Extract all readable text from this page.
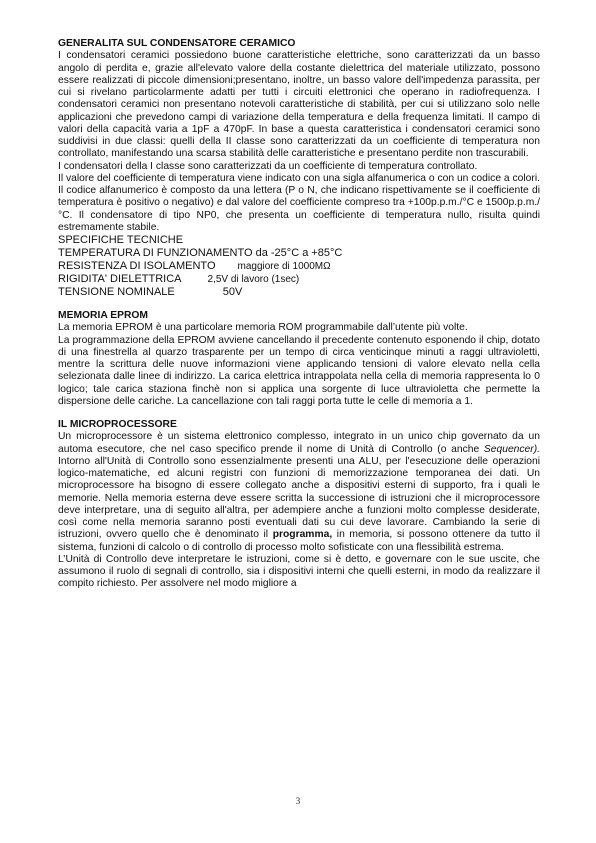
GENERALITA SUL CONDENSATORE CERAMICO
I condensatori ceramici possiedono buone caratteristiche elettriche, sono caratterizzati da un basso angolo di perdita e, grazie all'elevato valore della costante dielettrica del materiale utilizzato, possono essere realizzati di piccole dimensioni;presentano, inoltre, un basso valore dell'impedenza parassita, per cui si rivelano particolarmente adatti per tutti i circuiti elettronici che operano in radiofrequenza. I condensatori ceramici non presentano notevoli caratteristiche di stabilità, per cui si utilizzano solo nelle applicazioni che prevedono campi di variazione della temperatura e della frequenza limitati. Il campo di valori della capacità varia a 1pF a 470pF. In base a questa caratteristica i condensatori ceramici sono suddivisi in due classi: quelli della II classe sono caratterizzati da un coefficiente di temperatura non controllato, manifestando una scarsa stabilità delle caratteristiche e presentano perdite non trascurabili.
I condensatori della I classe sono caratterizzati da un coefficiente di temperatura controllato.
Il valore del coefficiente di temperatura viene indicato con una sigla alfanumerica o con un codice a colori. Il codice alfanumerico è composto da una lettera (P o N, che indicano rispettivamente se il coefficiente di temperatura è positivo o negativo) e dal valore del coefficiente compreso tra +100p.p.m./°C e 1500p.p.m./°C. Il condensatore di tipo NP0, che presenta un coefficiente di temperatura nullo, risulta quindi estremamente stabile.
SPECIFICHE TECNICHE
TEMPERATURA DI FUNZIONAMENTO da -25°C a +85°C
RESISTENZA DI ISOLAMENTO maggiore di 1000MΩ
RIGIDITA' DIELETTRICA	2,5V di lavoro (1sec)
TENSIONE NOMINALE	50V
MEMORIA EPROM
La memoria EPROM è una particolare memoria ROM programmabile dall’utente più volte.
La programmazione della EPROM avviene cancellando il precedente contenuto esponendo il chip, dotato di una finestrella al quarzo trasparente per un tempo di circa venticinque minuti a raggi ultravioletti, mentre la scrittura delle nuove informazioni viene applicando tensioni di valore elevato nella cella selezionata dalle linee di indirizzo. La carica elettrica intrappolata nella cella di memoria rappresenta lo 0 logico; tale carica staziona finchè non si applica una sorgente di luce ultravioletta che permette la dispersione delle cariche. La cancellazione con tali raggi porta tutte le celle di memoria a 1.
IL MICROPROCESSORE
Un microprocessore è un sistema elettronico complesso, integrato in un unico chip governato da un automa esecutore, che nel caso specifico prende il nome di Unità di Controllo (o anche Sequencer). Intorno all'Unità di Controllo sono essenzialmente presenti una ALU, per l'esecuzione delle operazioni logico-matematiche, ed alcuni registri con funzioni di memorizzazione temporanea dei dati. Un microprocessore ha bisogno di essere collegato anche a dispositivi esterni di supporto, fra i quali le memorie. Nella memoria esterna deve essere scritta la successione di istruzioni che il microprocessore deve interpretare, una di seguito all'altra, per adempiere anche a funzioni molto complesse desiderate, così come nella memoria saranno posti eventuali dati su cui deve lavorare. Cambiando la serie di istruzioni, ovvero quello che è denominato il programma, in memoria, si possono ottenere da tutto il sistema, funzioni di calcolo o di controllo di processo molto sofisticate con una flessibilità estrema.
L’Unità di Controllo deve interpretare le istruzioni, come si è detto, e governare con le sue uscite, che assumono il ruolo di segnali di controllo, sia i dispositivi interni che quelli esterni, in modo da realizzare il compito richiesto. Per assolvere nel modo migliore a
3
